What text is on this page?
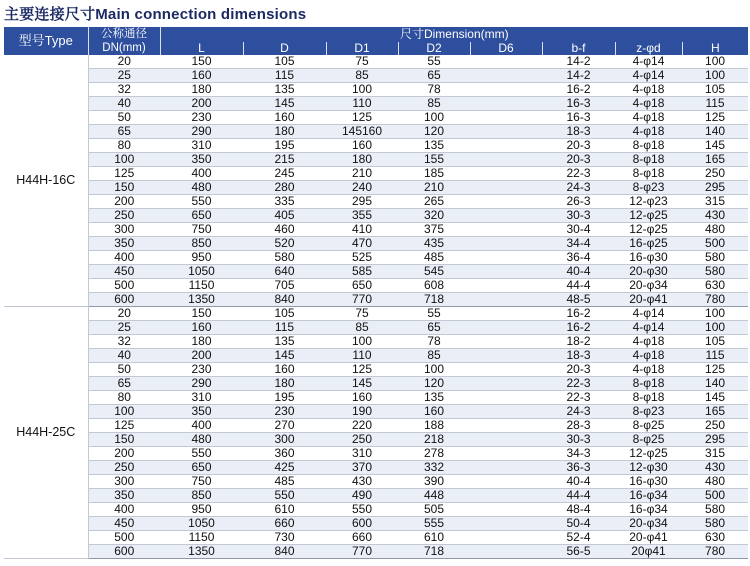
主要连接尺寸Main connection dimensions
型号Type	公称通径
DN(mm)	尺寸Dimension(mm)							
		L	D	D1	D2	D6	b-f	z-φd	H
H44H-16C	20	150	105	75	55		14-2	4-φ14	100
	25	160	115	85	65		14-2	4-φ14	100
	32	180	135	100	78		16-2	4-φ18	105
	40	200	145	110	85		16-3	4-φ18	115
	50	230	160	125	100		16-3	4-φ18	125
	65	290	180	145160	120		18-3	4-φ18	140
	80	310	195	160	135		20-3	8-φ18	145
	100	350	215	180	155		20-3	8-φ18	165
	125	400	245	210	185		22-3	8-φ18	250
	150	480	280	240	210		24-3	8-φ23	295
	200	550	335	295	265		26-3	12-φ23	315
	250	650	405	355	320		30-3	12-φ25	430
	300	750	460	410	375		30-4	12-φ25	480
	350	850	520	470	435		34-4	16-φ25	500
	400	950	580	525	485		36-4	16-φ30	580
	450	1050	640	585	545		40-4	20-φ30	580
	500	1150	705	650	608		44-4	20-φ34	630
	600	1350	840	770	718		48-5	20-φ41	780
H44H-25C	20	150	105	75	55		16-2	4-φ14	100
	25	160	115	85	65		16-2	4-φ14	100
	32	180	135	100	78		18-2	4-φ18	105
	40	200	145	110	85		18-3	4-φ18	115
	50	230	160	125	100		20-3	4-φ18	125
	65	290	180	145	120		22-3	8-φ18	140
	80	310	195	160	135		22-3	8-φ18	145
	100	350	230	190	160		24-3	8-φ23	165
	125	400	270	220	188		28-3	8-φ25	250
	150	480	300	250	218		30-3	8-φ25	295
	200	550	360	310	278		34-3	12-φ25	315
	250	650	425	370	332		36-3	12-φ30	430
	300	750	485	430	390		40-4	16-φ30	480
	350	850	550	490	448		44-4	16-φ34	500
	400	950	610	550	505		48-4	16-φ34	580
	450	1050	660	600	555		50-4	20-φ34	580
	500	1150	730	660	610		52-4	20-φ41	630
	600	1350	840	770	718		56-5	20φ41	780
